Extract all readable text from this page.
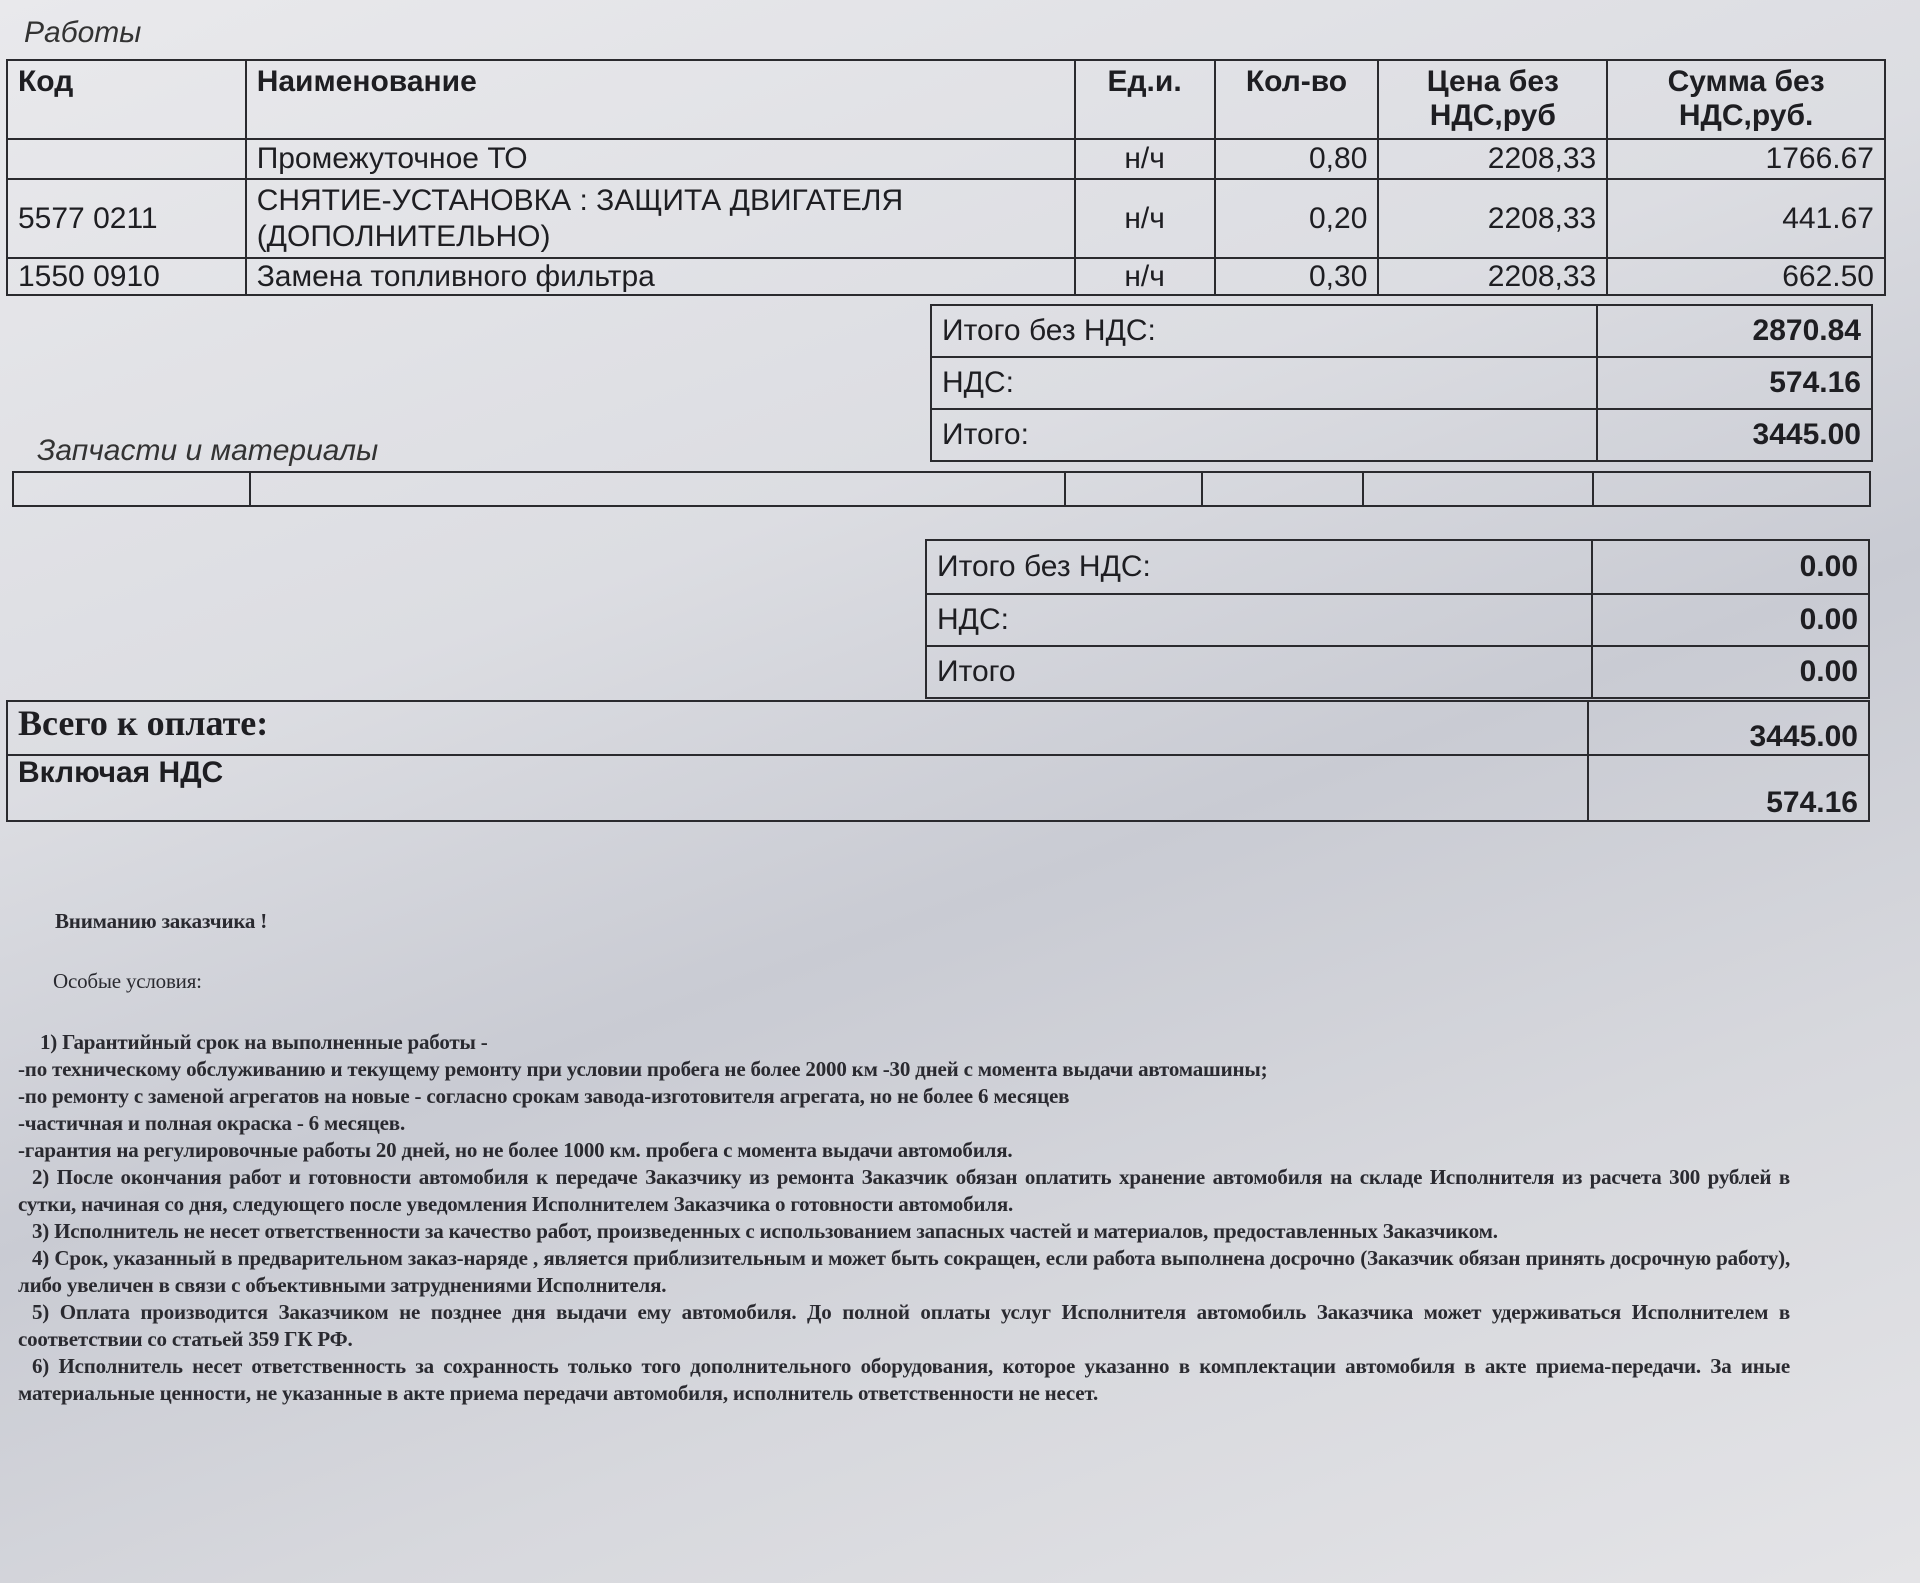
Работы
Код	Наименование	Ед.и.	Кол-во	Цена без НДС,руб	Сумма без НДС,руб.
	Промежуточное ТО	н/ч	0,80	2208,33	1766.67
5577 0211	СНЯТИЕ-УСТАНОВКА : ЗАЩИТА ДВИГАТЕЛЯ (ДОПОЛНИТЕЛЬНО)	н/ч	0,20	2208,33	441.67
1550 0910	Замена топливного фильтра	н/ч	0,30	2208,33	662.50
Итого без НДС:	2870.84
НДС:	574.16
Итого:	3445.00
Запчасти и материалы

Итого без НДС:	0.00
НДС:	0.00
Итого	0.00
Всего к оплате:	3445.00
Включая НДС	574.16
Вниманию заказчика !
Особые условия:

1) Гарантийный срок на выполненные работы -

-по техническому обслуживанию и текущему ремонту при условии пробега не более 2000 км -30 дней с момента выдачи автомашины;

-по ремонту с заменой агрегатов на новые - согласно срокам завода-изготовителя агрегата, но не более 6 месяцев

-частичная и полная окраска - 6 месяцев.

-гарантия на регулировочные работы 20 дней, но не более 1000 км. пробега с момента выдачи автомобиля.

2) После окончания работ и готовности автомобиля к передаче Заказчику из ремонта Заказчик обязан оплатить хранение автомобиля на складе Исполнителя из расчета 300 рублей в сутки, начиная со дня, следующего после уведомления Исполнителем Заказчика о готовности автомобиля.

3) Исполнитель не несет ответственности за качество работ, произведенных с использованием запасных частей и материалов, предоставленных Заказчиком.

4) Срок, указанный в предварительном заказ-наряде , является приблизительным и может быть сокращен, если работа выполнена досрочно (Заказчик обязан принять досрочную работу), либо увеличен в связи с объективными затруднениями Исполнителя.

5) Оплата производится Заказчиком не позднее дня выдачи ему автомобиля. До полной оплаты услуг Исполнителя автомобиль Заказчика может удерживаться Исполнителем в соответствии со статьей 359 ГК РФ.

6) Исполнитель несет ответственность за сохранность только того дополнительного оборудования, которое указанно в комплектации автомобиля в акте приема-передачи. За иные материальные ценности, не указанные в акте приема передачи автомобиля, исполнитель ответственности не несет.
